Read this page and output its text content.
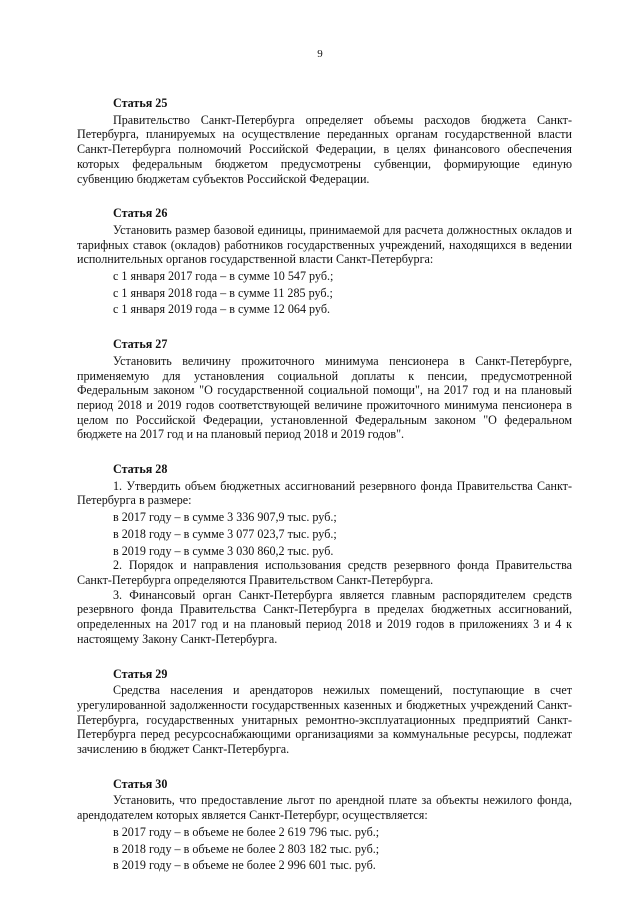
9
Статья 25

Правительство Санкт-Петербурга определяет объемы расходов бюджета Санкт-Петербурга, планируемых на осуществление переданных органам государственной власти Санкт-Петербурга полномочий Российской Федерации, в целях финансового обеспечения которых федеральным бюджетом предусмотрены субвенции, формирующие единую субвенцию бюджетам субъектов Российской Федерации.

Статья 26

Установить размер базовой единицы, принимаемой для расчета должностных окладов и тарифных ставок (окладов) работников государственных учреждений, находящихся в ведении исполнительных органов государственной власти Санкт-Петербурга:

с 1 января 2017 года – в сумме 10 547 руб.;

с 1 января 2018 года – в сумме 11 285 руб.;

с 1 января 2019 года – в сумме 12 064 руб.

Статья 27

Установить величину прожиточного минимума пенсионера в Санкт-Петербурге, применяемую для установления социальной доплаты к пенсии, предусмотренной Федеральным законом "О государственной социальной помощи", на 2017 год и на плановый период 2018 и 2019 годов соответствующей величине прожиточного минимума пенсионера в целом по Российской Федерации, установленной Федеральным законом "О федеральном бюджете на 2017 год и на плановый период 2018 и 2019 годов".

Статья 28

1. Утвердить объем бюджетных ассигнований резервного фонда Правительства Санкт-Петербурга в размере:

в 2017 году – в сумме 3 336 907,9 тыс. руб.;

в 2018 году – в сумме 3 077 023,7 тыс. руб.;

в 2019 году – в сумме 3 030 860,2 тыс. руб.

2. Порядок и направления использования средств резервного фонда Правительства Санкт-Петербурга определяются Правительством Санкт-Петербурга.

3. Финансовый орган Санкт-Петербурга является главным распорядителем средств резервного фонда Правительства Санкт-Петербурга в пределах бюджетных ассигнований, определенных на 2017 год и на плановый период 2018 и 2019 годов в приложениях 3 и 4 к настоящему Закону Санкт-Петербурга.

Статья 29

Средства населения и арендаторов нежилых помещений, поступающие в счет урегулированной задолженности государственных казенных и бюджетных учреждений Санкт-Петербурга, государственных унитарных ремонтно-эксплуатационных предприятий Санкт-Петербурга перед ресурсоснабжающими организациями за коммунальные ресурсы, подлежат зачислению в бюджет Санкт-Петербурга.

Статья 30

Установить, что предоставление льгот по арендной плате за объекты нежилого фонда, арендодателем которых является Санкт-Петербург, осуществляется:

в 2017 году – в объеме не более 2 619 796 тыс. руб.;

в 2018 году – в объеме не более 2 803 182 тыс. руб.;

в 2019 году – в объеме не более 2 996 601 тыс. руб.
